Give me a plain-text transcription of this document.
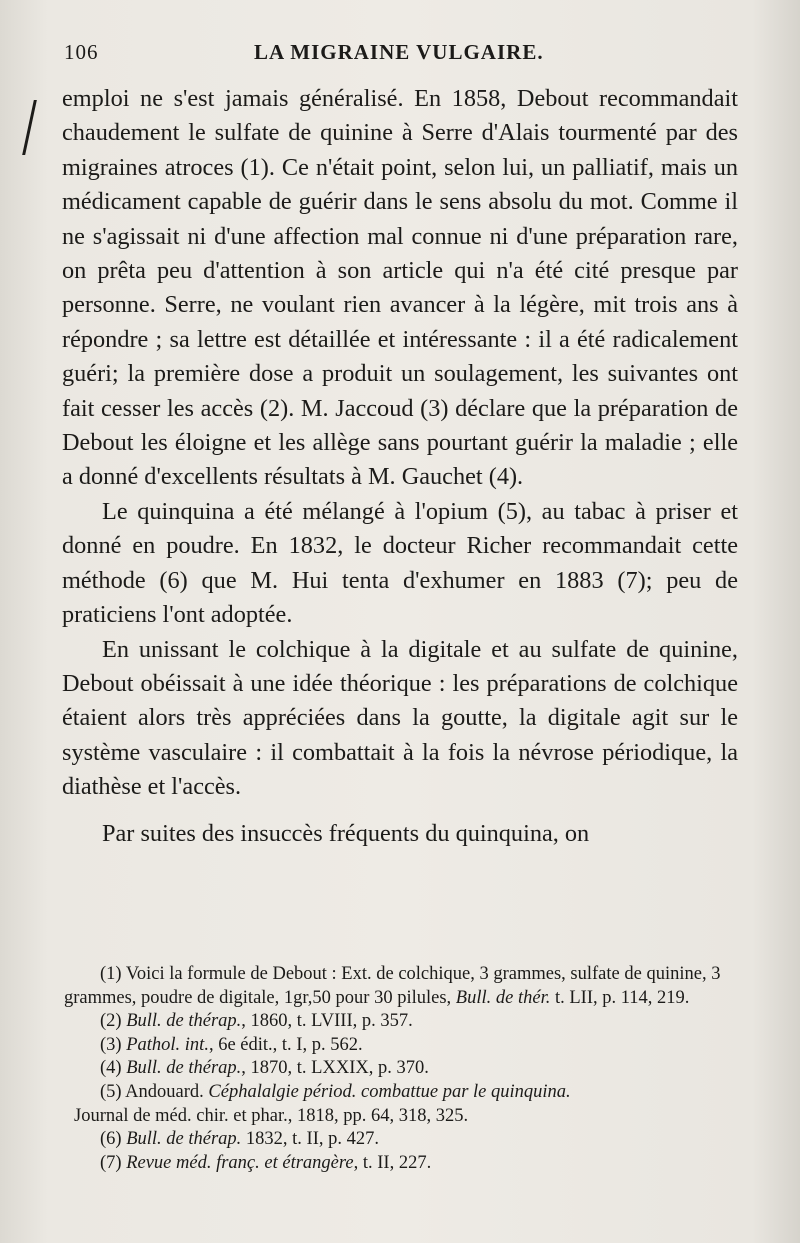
106	LA MIGRAINE VULGAIRE.

emploi ne s'est jamais généralisé. En 1858, Debout recommandait chaudement le sulfate de quinine à Serre d'Alais tourmenté par des migraines atroces (1). Ce n'était point, selon lui, un palliatif, mais un médicament capable de guérir dans le sens absolu du mot. Comme il ne s'agissait ni d'une affection mal connue ni d'une préparation rare, on prêta peu d'attention à son article qui n'a été cité presque par personne. Serre, ne voulant rien avancer à la légère, mit trois ans à répondre ; sa lettre est détaillée et intéressante : il a été radicalement guéri; la première dose a produit un soulagement, les suivantes ont fait cesser les accès (2). M. Jaccoud (3) déclare que la préparation de Debout les éloigne et les allège sans pourtant guérir la maladie ; elle a donné d'excellents résultats à M. Gauchet (4).

Le quinquina a été mélangé à l'opium (5), au tabac à priser et donné en poudre. En 1832, le docteur Richer recommandait cette méthode (6) que M. Hui tenta d'exhumer en 1883 (7); peu de praticiens l'ont adoptée.

En unissant le colchique à la digitale et au sulfate de quinine, Debout obéissait à une idée théorique : les préparations de colchique étaient alors très appréciées dans la goutte, la digitale agit sur le système vasculaire : il combattait à la fois la névrose périodique, la diathèse et l'accès.

Par suites des insuccès fréquents du quinquina, on

(1) Voici la formule de Debout : Ext. de colchique, 3 grammes, sulfate de quinine, 3 grammes, poudre de digitale, 1gr,50 pour 30 pilules, Bull. de thér. t. LII, p. 114, 219.

(2) Bull. de thérap., 1860, t. LVIII, p. 357.

(3) Pathol. int., 6e édit., t. I, p. 562.

(4) Bull. de thérap., 1870, t. LXXIX, p. 370.

(5) Andouard. Céphalalgie périod. combattue par le quinquina.

Journal de méd. chir. et phar., 1818, pp. 64, 318, 325.

(6) Bull. de thérap. 1832, t. II, p. 427.

(7) Revue méd. franç. et étrangère, t. II, 227.
